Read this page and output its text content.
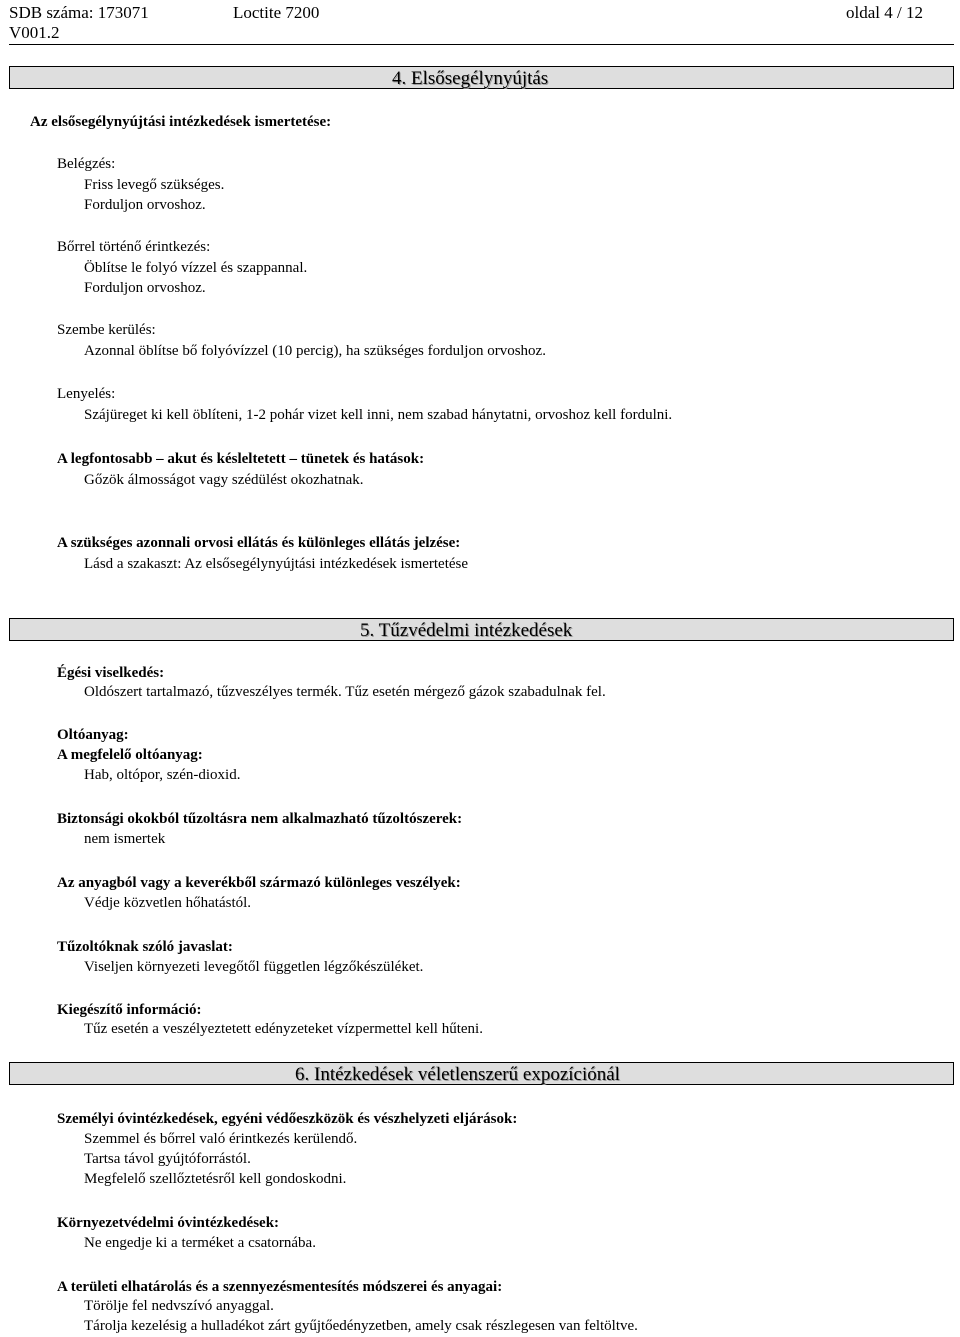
SDB száma: 173071	Loctite 7200	oldal 4 / 12
V001.2
4. Elsősegélynyújtás
Az elsősegélynyújtási intézkedések ismertetése:
Belégzés:
Friss levegő szükséges.
Forduljon orvoshoz.
Bőrrel történő érintkezés:
Öblítse le folyó vízzel és szappannal.
Forduljon orvoshoz.
Szembe kerülés:
Azonnal öblítse bő folyóvízzel (10 percig), ha szükséges forduljon orvoshoz.
Lenyelés:
Szájüreget ki kell öblíteni, 1-2 pohár vizet kell inni, nem szabad hánytatni, orvoshoz kell fordulni.
A legfontosabb – akut és késleltetett – tünetek és hatások:
Gőzök álmosságot vagy szédülést okozhatnak.
A szükséges azonnali orvosi ellátás és különleges ellátás jelzése:
Lásd a szakaszt: Az elsősegélynyújtási intézkedések ismertetése
5. Tűzvédelmi intézkedések
Égési viselkedés:
Oldószert tartalmazó, tűzveszélyes termék. Tűz esetén mérgező gázok szabadulnak fel.
Oltóanyag:
A megfelelő oltóanyag:
Hab, oltópor, szén-dioxid.
Biztonsági okokból tűzoltásra nem alkalmazható tűzoltószerek:
nem ismertek
Az anyagból vagy a keverékből származó különleges veszélyek:
Védje közvetlen hőhatástól.
Tűzoltóknak szóló javaslat:
Viseljen környezeti levegőtől független légzőkészüléket.
Kiegészítő információ:
Tűz esetén a veszélyeztetett edényzeteket vízpermettel kell hűteni.
6. Intézkedések véletlenszerű expozíciónál
Személyi óvintézkedések, egyéni védőeszközök és vészhelyzeti eljárások:
Szemmel és bőrrel való érintkezés kerülendő.
Tartsa távol gyújtóforrástól.
Megfelelő szellőztetésről kell gondoskodni.
Környezetvédelmi óvintézkedések:
Ne engedje ki a terméket a csatornába.
A területi elhatárolás és a szennyezésmentesítés módszerei és anyagai:
Törölje fel nedvszívó anyaggal.
Tárolja kezelésig a hulladékot zárt gyűjtőedényzetben, amely csak részlegesen van feltöltve.
